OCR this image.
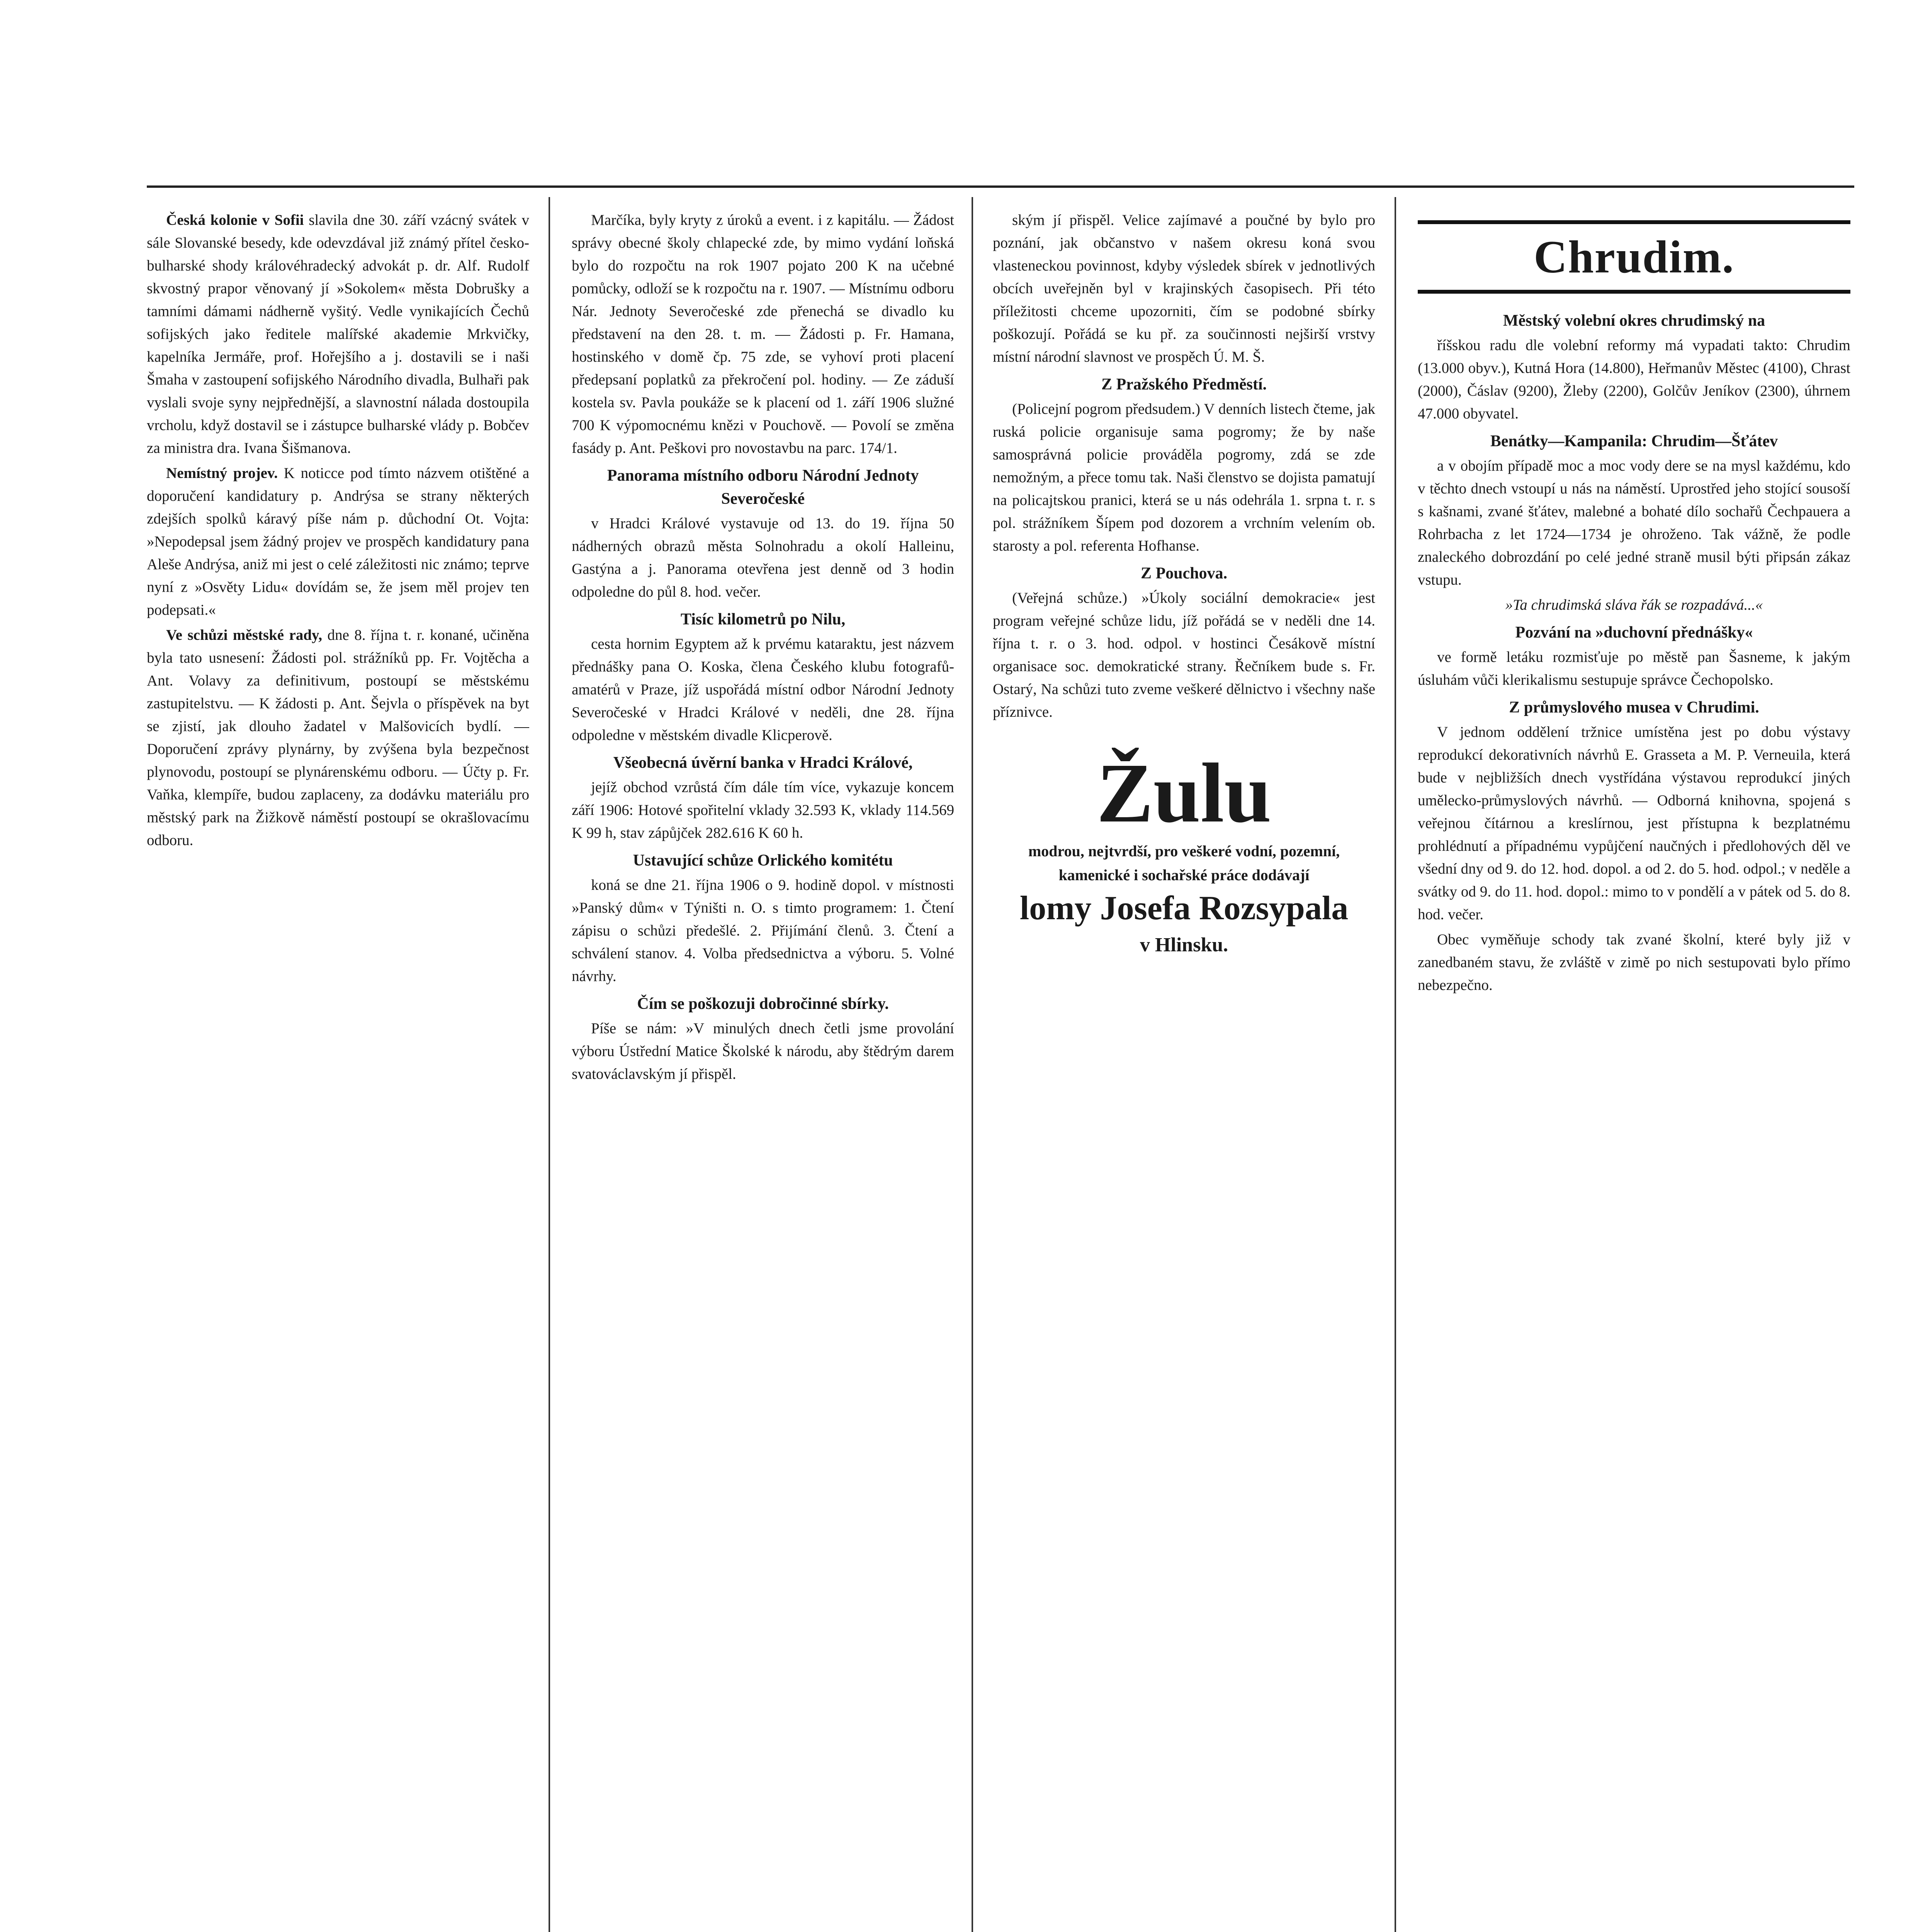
Česká kolonie v Sofii slavila dne 30. září vzácný svátek v sále Slovanské besedy, kde odevzdával již známý přítel česko-bulharské shody královéhradecký advokát p. dr. Alf. Rudolf skvostný prapor věnovaný jí »Sokolem« města Dobrušky a tamními dámami nádherně vyšitý. Vedle vynikajících Čechů sofijských jako ředitele malířské akademie Mrkvičky, kapelníka Jermáře, prof. Hořejšího a j. dostavili se i naši Šmaha v zastoupení sofijského Národního divadla, Bulhaři pak vyslali svoje syny nejpřednější, a slavnostní nálada dostoupila vrcholu, když dostavil se i zástupce bulharské vlády p. Bobčev za ministra dra. Ivana Šišmanova.

Nemístný projev. K noticce pod tímto názvem otištěné a doporučení kandidatury p. Andrýsa se strany některých zdejších spolků káravý píše nám p. důchodní Ot. Vojta: »Nepodepsal jsem žádný projev ve prospěch kandidatury pana Aleše Andrýsa, aniž mi jest o celé záležitosti nic známo; teprve nyní z »Osvěty Lidu« dovídám se, že jsem měl projev ten podepsati.«

Ve schůzi městské rady, dne 8. října t. r. konané, učiněna byla tato usnesení: Žádosti pol. strážníků pp. Fr. Vojtěcha a Ant. Volavy za definitivum, postoupí se městskému zastupitelstvu. — K žádosti p. Ant. Šejvla o příspěvek na byt se zjistí, jak dlouho žadatel v Malšovicích bydlí. — Doporučení zprávy plynárny, by zvýšena byla bezpečnost plynovodu, postoupí se plynárenskému odboru. — Účty p. Fr. Vaňka, klempíře, budou zaplaceny, za dodávku materiálu pro městský park na Žižkově náměstí postoupí se okrašlovacímu odboru.

Marčíka, byly kryty z úroků a event. i z kapitálu. — Žádost správy obecné školy chlapecké zde, by mimo vydání loňská bylo do rozpočtu na rok 1907 pojato 200 K na učebné pomůcky, odloží se k rozpočtu na r. 1907. — Místnímu odboru Nár. Jednoty Severočeské zde přenechá se divadlo ku představení na den 28. t. m. — Žádosti p. Fr. Hamana, hostinského v domě čp. 75 zde, se vyhoví proti placení předepsaní poplatků za překročení pol. hodiny. — Ze záduší kostela sv. Pavla poukáže se k placení od 1. září 1906 služné 700 K výpomocnému knězi v Pouchově. — Povolí se změna fasády p. Ant. Peškovi pro novostavbu na parc. 174/1.

Panorama místního odboru Národní Jednoty Severočeské

v Hradci Králové vystavuje od 13. do 19. října 50 nádherných obrazů města Solnohradu a okolí Halleinu, Gastýna a j. Panorama otevřena jest denně od 3 hodin odpoledne do půl 8. hod. večer.

Tisíc kilometrů po Nilu,

cesta hornim Egyptem až k prvému kataraktu, jest názvem přednášky pana O. Koska, člena Českého klubu fotografů-amatérů v Praze, jíž uspořádá místní odbor Národní Jednoty Severočeské v Hradci Králové v neděli, dne 28. října odpoledne v městském divadle Klicperově.

Všeobecná úvěrní banka v Hradci Králové,

jejíž obchod vzrůstá čím dále tím více, vykazuje koncem září 1906: Hotové spořitelní vklady 32.593 K, vklady 114.569 K 99 h, stav zápůjček 282.616 K 60 h.

Ustavující schůze Orlického komitétu

koná se dne 21. října 1906 o 9. hodině dopol. v místnosti »Panský dům« v Týništi n. O. s timto programem: 1. Čtení zápisu o schůzi předešlé. 2. Přijímání členů. 3. Čtení a schválení stanov. 4. Volba předsednictva a výboru. 5. Volné návrhy.

Čím se poškozuji dobročinné sbírky.

Píše se nám: »V minulých dnech četli jsme provolání výboru Ústřední Matice Školské k národu, aby štědrým darem svatováclavským jí přispěl.

ským jí přispěl. Velice zajímavé a poučné by bylo pro poznání, jak občanstvo v našem okresu koná svou vlasteneckou povinnost, kdyby výsledek sbírek v jednotlivých obcích uveřejněn byl v krajinských časopisech. Při této příležitosti chceme upozorniti, čím se podobné sbírky poškozují. Pořádá se ku př. za součinnosti nejširší vrstvy místní národní slavnost ve prospěch Ú. M. Š.

Z Pražského Předměstí.

(Policejní pogrom předsudem.) V denních listech čteme, jak ruská policie organisuje sama pogromy; že by naše samosprávná policie prováděla pogromy, zdá se zde nemožným, a přece tomu tak. Naši členstvo se dojista pamatují na policajtskou pranici, která se u nás odehrála 1. srpna t. r. s pol. strážníkem Šípem pod dozorem a vrchním velením ob. starosty a pol. referenta Hofhanse.

Z Pouchova.

(Veřejná schůze.) »Úkoly sociální demokracie« jest program veřejné schůze lidu, jíž pořádá se v neděli dne 14. října t. r. o 3. hod. odpol. v hostinci Česákově místní organisace soc. demokratické strany. Řečníkem bude s. Fr. Ostarý, Na schůzi tuto zveme veškeré dělnictvo i všechny naše příznivce.

Žulu
modrou, nejtvrdší, pro veškeré vodní, pozemní,
kamenické i sochařské práce dodávají
lomy Josefa Rozsypala
v Hlinsku.
Chrudim.
Městský volební okres chrudimský na

říšskou radu dle volební reformy má vypadati takto: Chrudim (13.000 obyv.), Kutná Hora (14.800), Heřmanův Městec (4100), Chrast (2000), Čáslav (9200), Žleby (2200), Golčův Jeníkov (2300), úhrnem 47.000 obyvatel.

Benátky—Kampanila: Chrudim—Šťátev

a v obojím případě moc a moc vody dere se na mysl každému, kdo v těchto dnech vstoupí u nás na náměstí. Uprostřed jeho stojící sousoší s kašnami, zvané šťátev, malebné a bohaté dílo sochařů Čechpauera a Rohrbacha z let 1724—1734 je ohroženo. Tak vážně, že podle znaleckého dobrozdání po celé jedné straně musil býti připsán zákaz vstupu.

»Ta chrudimská sláva řák se rozpadává...«

Pozvání na »duchovní přednášky«

ve formě letáku rozmisťuje po městě pan Šasneme, k jakým úsluhám vůči klerikalismu sestupuje správce Čechopolsko.

Z průmyslového musea v Chrudimi.

V jednom oddělení tržnice umístěna jest po dobu výstavy reprodukcí dekorativních návrhů E. Grasseta a M. P. Verneuila, která bude v nejbližších dnech vystřídána výstavou reprodukcí jiných umělecko-průmyslových návrhů. — Odborná knihovna, spojená s veřejnou čítárnou a kreslírnou, jest přístupna k bezplatnému prohlédnutí a případnému vypůjčení naučných i předlohových děl ve všední dny od 9. do 12. hod. dopol. a od 2. do 5. hod. odpol.; v neděle a svátky od 9. do 11. hod. dopol.: mimo to v pondělí a v pátek od 5. do 8. hod. večer.

Obec vyměňuje schody tak zvané školní, které byly již v zanedbaném stavu, že zvláště v zimě po nich sestupovati bylo přímo nebezpečno.
